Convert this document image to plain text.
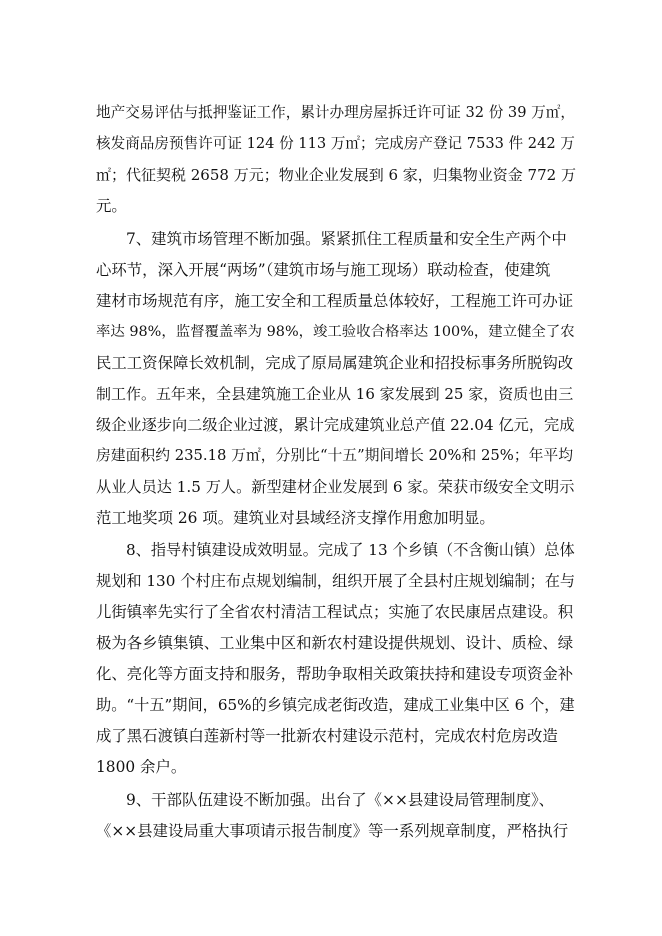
地产交易评估与抵押鉴证工作，累计办理房屋拆迁许可证 32 份 39 万㎡，
核发商品房预售许可证 124 份 113 万㎡；完成房产登记 7533 件 242 万
㎡；代征契税 2658 万元；物业企业发展到 6 家，归集物业资金 772 万
元。
7、建筑市场管理不断加强。紧紧抓住工程质量和安全生产两个中
心环节，深入开展“两场”（建筑市场与施工现场）联动检查，使建筑
建材市场规范有序，施工安全和工程质量总体较好，工程施工许可办证
率达 98%，监督覆盖率为 98%，竣工验收合格率达 100%，建立健全了农
民工工资保障长效机制，完成了原局属建筑企业和招投标事务所脱钩改
制工作。五年来，全县建筑施工企业从 16 家发展到 25 家，资质也由三
级企业逐步向二级企业过渡，累计完成建筑业总产值 22.04 亿元，完成
房建面积约 235.18 万㎡，分别比“十五”期间增长 20%和 25%；年平均
从业人员达 1.5 万人。新型建材企业发展到 6 家。荣获市级安全文明示
范工地奖项 26 项。建筑业对县域经济支撑作用愈加明显。
8、指导村镇建设成效明显。完成了 13 个乡镇（不含衡山镇）总体
规划和 130 个村庄布点规划编制，组织开展了全县村庄规划编制；在与
儿街镇率先实行了全省农村清洁工程试点；实施了农民康居点建设。积
极为各乡镇集镇、工业集中区和新农村建设提供规划、设计、质检、绿
化、亮化等方面支持和服务，帮助争取相关政策扶持和建设专项资金补
助。“十五”期间，65%的乡镇完成老街改造，建成工业集中区 6 个，建
成了黑石渡镇白莲新村等一批新农村建设示范村，完成农村危房改造
1800 余户。
9、干部队伍建设不断加强。出台了《××县建设局管理制度》、
《××县建设局重大事项请示报告制度》等一系列规章制度，严格执行
